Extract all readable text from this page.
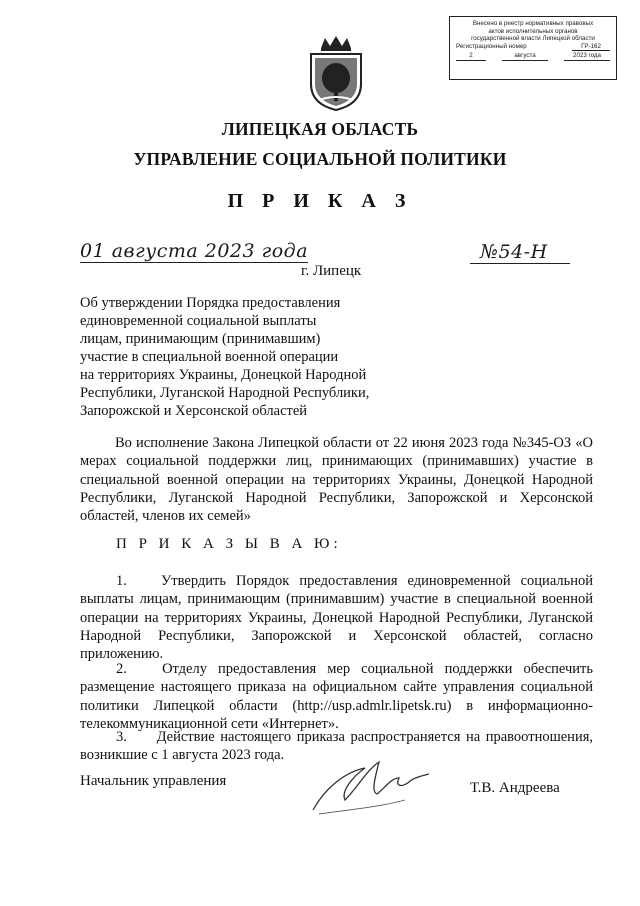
Внесено в реестр нормативных правовых
актов исполнительных органов
государственной власти Липецкой области
Регистрационный номер	ГР-162
2	августа	2023 года
ЛИПЕЦКАЯ ОБЛАСТЬ
УПРАВЛЕНИЕ СОЦИАЛЬНОЙ ПОЛИТИКИ
П Р И К А З
01 августа 2023 года	№54-Н
г. Липецк
Об утверждении Порядка предоставления
единовременной социальной выплаты
лицам, принимающим (принимавшим)
участие в специальной военной операции
на территориях Украины, Донецкой Народной
Республики, Луганской Народной Республики,
Запорожской и Херсонской областей
Во исполнение Закона Липецкой области от 22 июня 2023 года №345-ОЗ «О мерах социальной поддержки лиц, принимающих (принимавших) участие в специальной военной операции на территориях Украины, Донецкой Народной Республики, Луганской Народной Республики, Запорожской и Херсонской областей, членов их семей»
П Р И К А З Ы В А Ю:
1. Утвердить Порядок предоставления единовременной социальной выплаты лицам, принимающим (принимавшим) участие в специальной военной операции на территориях Украины, Донецкой Народной Республики, Луганской Народной Республики, Запорожской и Херсонской областей, согласно приложению.
2. Отделу предоставления мер социальной поддержки обеспечить размещение настоящего приказа на официальном сайте управления социальной политики Липецкой области (http://usp.admlr.lipetsk.ru) в информационно-телекоммуникационной сети «Интернет».
3. Действие настоящего приказа распространяется на правоотношения, возникшие с 1 августа 2023 года.
Начальник управления	Т.В. Андреева
